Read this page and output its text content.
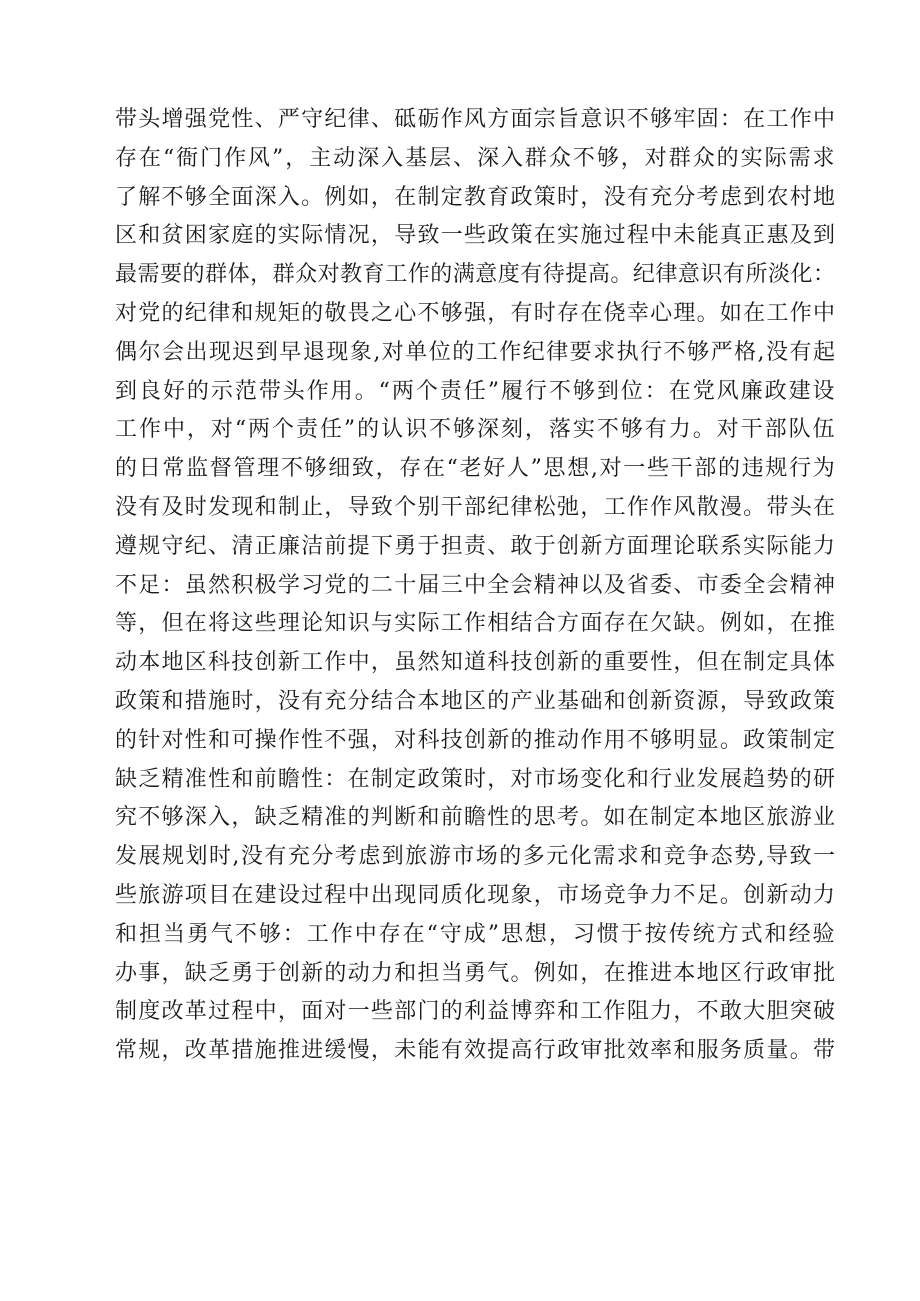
带 头 增 强 党 性 、 严 守 纪 律 、 砥 砺 作 风 方 面 宗 旨 意 识 不 够 牢 固 ： 在 工 作 中
存 在 “ 衙 门 作 风 ” ， 主 动 深 入 基 层 、 深 入 群 众 不 够 ， 对 群 众 的 实 际 需 求
了 解 不 够 全 面 深 入 。 例 如 ， 在 制 定 教 育 政 策 时 ， 没 有 充 分 考 虑 到 农 村 地
区 和 贫 困 家 庭 的 实 际 情 况 ， 导 致 一 些 政 策 在 实 施 过 程 中 未 能 真 正 惠 及 到
最 需 要 的 群 体 ， 群 众 对 教 育 工 作 的 满 意 度 有 待 提 高 。 纪 律 意 识 有 所 淡 化 ：
对 党 的 纪 律 和 规 矩 的 敬 畏 之 心 不 够 强 ， 有 时 存 在 侥 幸 心 理 。 如 在 工 作 中
偶 尔 会 出 现 迟 到 早 退 现 象 , 对 单 位 的 工 作 纪 律 要 求 执 行 不 够 严 格 , 没 有 起
到 良 好 的 示 范 带 头 作 用 。 “ 两 个 责 任 ” 履 行 不 够 到 位 ： 在 党 风 廉 政 建 设
工 作 中 ， 对 “ 两 个 责 任 ” 的 认 识 不 够 深 刻 ， 落 实 不 够 有 力 。 对 干 部 队 伍
的 日 常 监 督 管 理 不 够 细 致 ， 存 在 “ 老 好 人 ” 思 想 , 对 一 些 干 部 的 违 规 行 为
没 有 及 时 发 现 和 制 止 ， 导 致 个 别 干 部 纪 律 松 弛 ， 工 作 作 风 散 漫 。 带 头 在
遵 规 守 纪 、 清 正 廉 洁 前 提 下 勇 于 担 责 、 敢 于 创 新 方 面 理 论 联 系 实 际 能 力
不 足 ： 虽 然 积 极 学 习 党 的 二 十 届 三 中 全 会 精 神 以 及 省 委 、 市 委 全 会 精 神
等 ， 但 在 将 这 些 理 论 知 识 与 实 际 工 作 相 结 合 方 面 存 在 欠 缺 。 例 如 ， 在 推
动 本 地 区 科 技 创 新 工 作 中 ， 虽 然 知 道 科 技 创 新 的 重 要 性 ， 但 在 制 定 具 体
政 策 和 措 施 时 ， 没 有 充 分 结 合 本 地 区 的 产 业 基 础 和 创 新 资 源 ， 导 致 政 策
的 针 对 性 和 可 操 作 性 不 强 ， 对 科 技 创 新 的 推 动 作 用 不 够 明 显 。 政 策 制 定
缺 乏 精 准 性 和 前 瞻 性 ： 在 制 定 政 策 时 ， 对 市 场 变 化 和 行 业 发 展 趋 势 的 研
究 不 够 深 入 ， 缺 乏 精 准 的 判 断 和 前 瞻 性 的 思 考 。 如 在 制 定 本 地 区 旅 游 业
发 展 规 划 时 , 没 有 充 分 考 虑 到 旅 游 市 场 的 多 元 化 需 求 和 竞 争 态 势 , 导 致 一
些 旅 游 项 目 在 建 设 过 程 中 出 现 同 质 化 现 象 ， 市 场 竞 争 力 不 足 。 创 新 动 力
和 担 当 勇 气 不 够 ： 工 作 中 存 在 “ 守 成 ” 思 想 ， 习 惯 于 按 传 统 方 式 和 经 验
办 事 ， 缺 乏 勇 于 创 新 的 动 力 和 担 当 勇 气 。 例 如 ， 在 推 进 本 地 区 行 政 审 批
制 度 改 革 过 程 中 ， 面 对 一 些 部 门 的 利 益 博 弈 和 工 作 阻 力 ， 不 敢 大 胆 突 破
常 规 ， 改 革 措 施 推 进 缓 慢 ， 未 能 有 效 提 高 行 政 审 批 效 率 和 服 务 质 量 。 带
